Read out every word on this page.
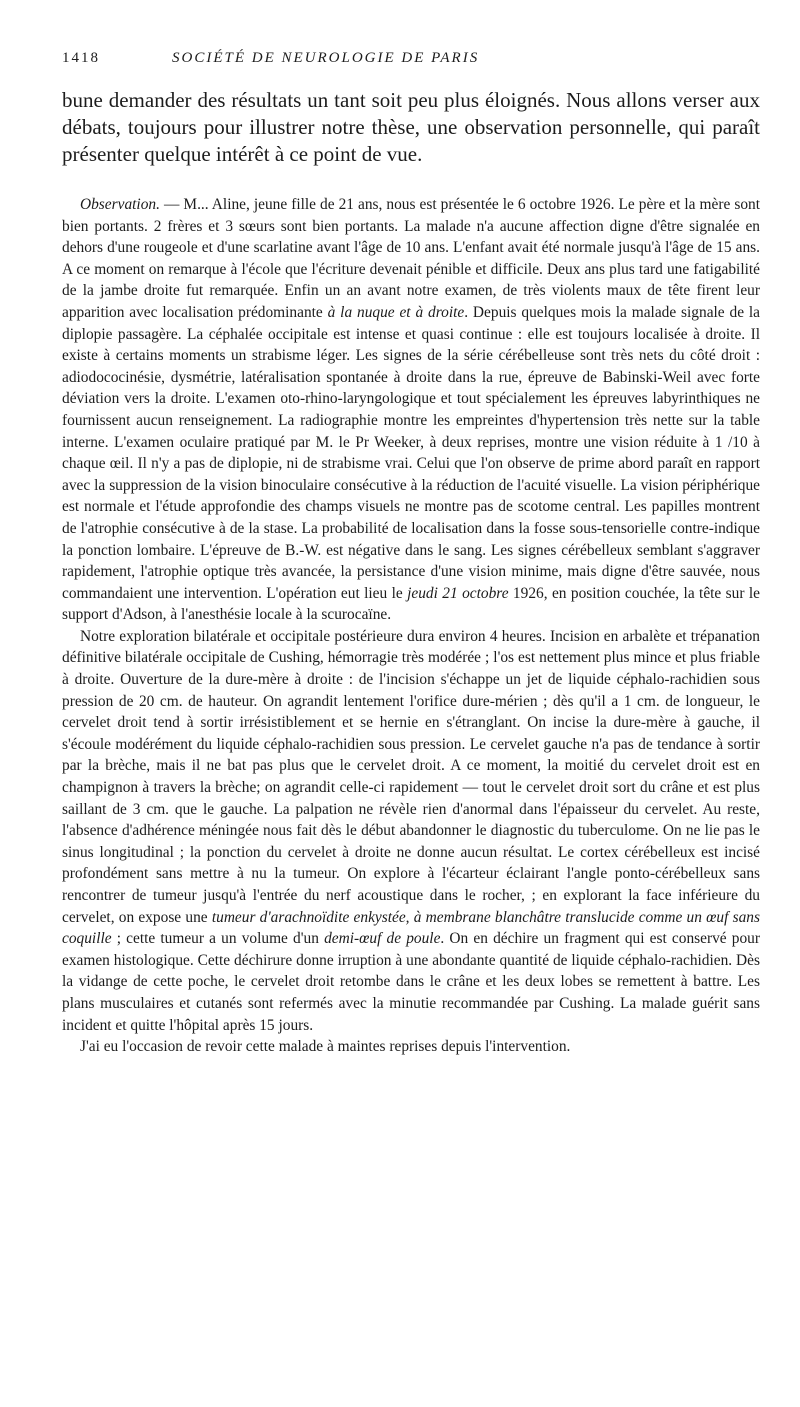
1418	SOCIÉTÉ DE NEUROLOGIE DE PARIS

bune demander des résultats un tant soit peu plus éloignés. Nous allons verser aux débats, toujours pour illustrer notre thèse, une observation personnelle, qui paraît présenter quelque intérêt à ce point de vue.

Observation. — M... Aline, jeune fille de 21 ans, nous est présentée le 6 octobre 1926. Le père et la mère sont bien portants. 2 frères et 3 sœurs sont bien portants. La malade n'a aucune affection digne d'être signalée en dehors d'une rougeole et d'une scarlatine avant l'âge de 10 ans. L'enfant avait été normale jusqu'à l'âge de 15 ans. A ce moment on remarque à l'école que l'écriture devenait pénible et difficile. Deux ans plus tard une fatigabilité de la jambe droite fut remarquée. Enfin un an avant notre examen, de très violents maux de tête firent leur apparition avec localisation prédominante à la nuque et à droite. Depuis quelques mois la malade signale de la diplopie passagère. La céphalée occipitale est intense et quasi continue : elle est toujours localisée à droite. Il existe à certains moments un strabisme léger. Les signes de la série cérébelleuse sont très nets du côté droit : adiodococinésie, dysmétrie, latéralisation spontanée à droite dans la rue, épreuve de Babinski-Weil avec forte déviation vers la droite. L'examen oto-rhino-laryngologique et tout spécialement les épreuves labyrinthiques ne fournissent aucun renseignement. La radiographie montre les empreintes d'hypertension très nette sur la table interne. L'examen oculaire pratiqué par M. le Pr Weeker, à deux reprises, montre une vision réduite à 1 /10 à chaque œil. Il n'y a pas de diplopie, ni de strabisme vrai. Celui que l'on observe de prime abord paraît en rapport avec la suppression de la vision binoculaire consécutive à la réduction de l'acuité visuelle. La vision périphérique est normale et l'étude approfondie des champs visuels ne montre pas de scotome central. Les papilles montrent de l'atrophie consécutive à de la stase. La probabilité de localisation dans la fosse sous-tensorielle contre-indique la ponction lombaire. L'épreuve de B.-W. est négative dans le sang. Les signes cérébelleux semblant s'aggraver rapidement, l'atrophie optique très avancée, la persistance d'une vision minime, mais digne d'être sauvée, nous commandaient une intervention. L'opération eut lieu le jeudi 21 octobre 1926, en position couchée, la tête sur le support d'Adson, à l'anesthésie locale à la scurocaïne.

Notre exploration bilatérale et occipitale postérieure dura environ 4 heures. Incision en arbalète et trépanation définitive bilatérale occipitale de Cushing, hémorragie très modérée ; l'os est nettement plus mince et plus friable à droite. Ouverture de la dure-mère à droite : de l'incision s'échappe un jet de liquide céphalo-rachidien sous pression de 20 cm. de hauteur. On agrandit lentement l'orifice dure-mérien ; dès qu'il a 1 cm. de longueur, le cervelet droit tend à sortir irrésistiblement et se hernie en s'étranglant. On incise la dure-mère à gauche, il s'écoule modérément du liquide céphalo-rachidien sous pression. Le cervelet gauche n'a pas de tendance à sortir par la brèche, mais il ne bat pas plus que le cervelet droit. A ce moment, la moitié du cervelet droit est en champignon à travers la brèche; on agrandit celle-ci rapidement — tout le cervelet droit sort du crâne et est plus saillant de 3 cm. que le gauche. La palpation ne révèle rien d'anormal dans l'épaisseur du cervelet. Au reste, l'absence d'adhérence méningée nous fait dès le début abandonner le diagnostic du tuberculome. On ne lie pas le sinus longitudinal ; la ponction du cervelet à droite ne donne aucun résultat. Le cortex cérébelleux est incisé profondément sans mettre à nu la tumeur. On explore à l'écarteur éclairant l'angle ponto-cérébelleux sans rencontrer de tumeur jusqu'à l'entrée du nerf acoustique dans le rocher, ; en explorant la face inférieure du cervelet, on expose une tumeur d'arachnoïdite enkystée, à membrane blanchâtre translucide comme un œuf sans coquille ; cette tumeur a un volume d'un demi-œuf de poule. On en déchire un fragment qui est conservé pour examen histologique. Cette déchirure donne irruption à une abondante quantité de liquide céphalo-rachidien. Dès la vidange de cette poche, le cervelet droit retombe dans le crâne et les deux lobes se remettent à battre. Les plans musculaires et cutanés sont refermés avec la minutie recommandée par Cushing. La malade guérit sans incident et quitte l'hôpital après 15 jours.

J'ai eu l'occasion de revoir cette malade à maintes reprises depuis l'intervention.
